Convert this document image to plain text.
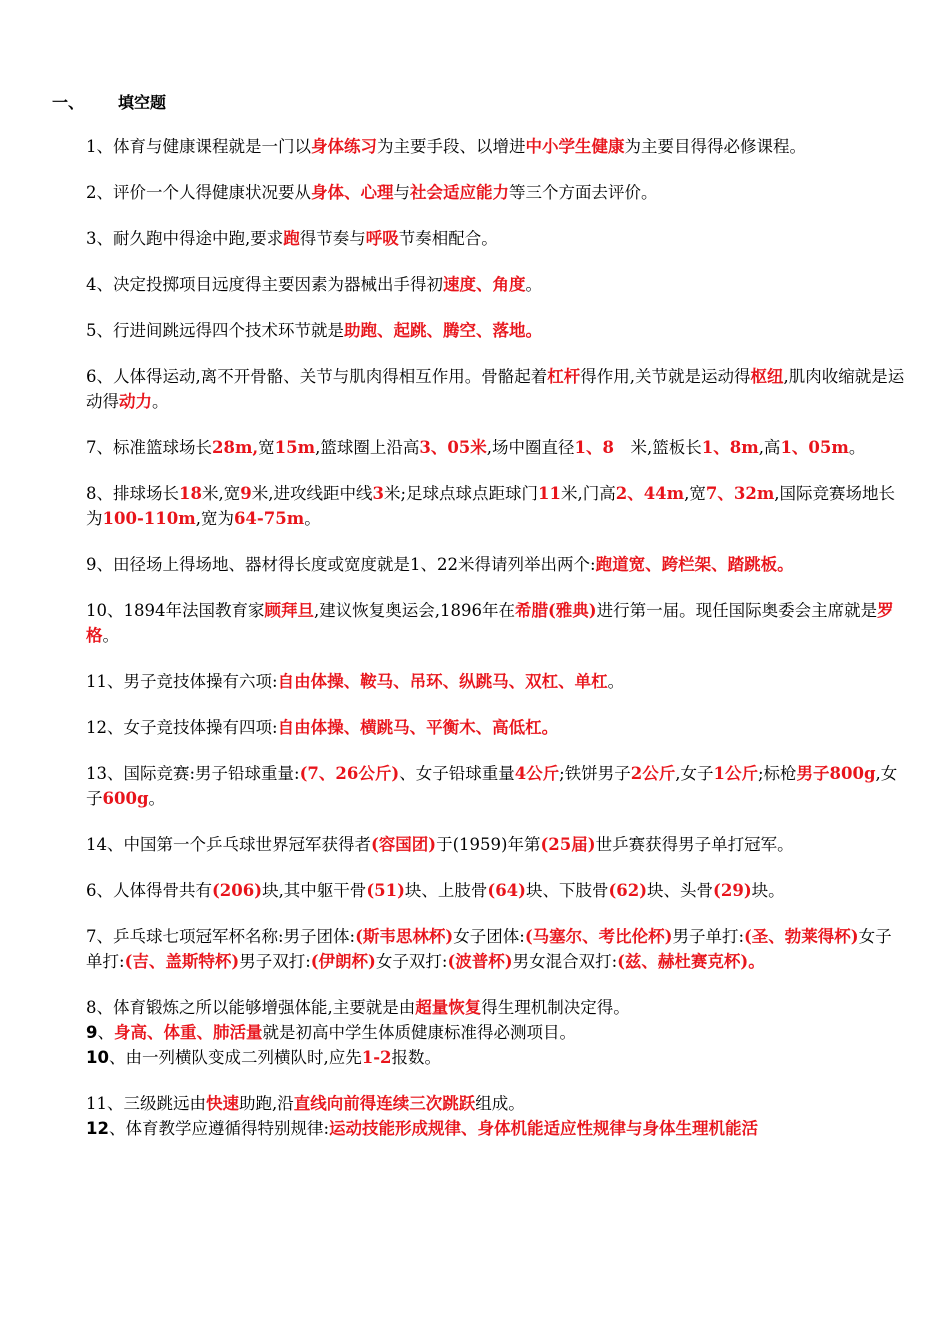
一、 填空题

1、体育与健康课程就是一门以身体练习为主要手段、以增进中小学生健康为主要目得得必修课程。

2、评价一个人得健康状况要从身体、心理与社会适应能力等三个方面去评价。

3、耐久跑中得途中跑,要求跑得节奏与呼吸节奏相配合。

4、决定投掷项目远度得主要因素为器械出手得初速度、角度。

5、行进间跳远得四个技术环节就是助跑、起跳、腾空、落地。

6、人体得运动,离不开骨骼、关节与肌肉得相互作用。骨骼起着杠杆得作用,关节就是运动得枢纽,肌肉收缩就是运动得动力。

7、标准篮球场长28m,宽15m,篮球圈上沿高3、05米,场中圈直径1、8　米,篮板长1、8m,高1、05m。

8、排球场长18米,宽9米,进攻线距中线3米;足球点球点距球门11米,门高2、44m,宽7、32m,国际竞赛场地长为100-110m,宽为64-75m。

9、田径场上得场地、器材得长度或宽度就是1、22米得请列举出两个:跑道宽、跨栏架、踏跳板。

10、1894年法国教育家顾拜旦,建议恢复奥运会,1896年在希腊(雅典)进行第一届。现任国际奥委会主席就是罗格。

11、男子竞技体操有六项:自由体操、鞍马、吊环、纵跳马、双杠、单杠。

12、女子竞技体操有四项:自由体操、横跳马、平衡木、高低杠。

13、国际竞赛:男子铅球重量:(7、26公斤)、女子铅球重量4公斤;铁饼男子2公斤,女子1公斤;标枪男子800g,女子600g。

14、中国第一个乒乓球世界冠军获得者(容国团)于(1959)年第(25届)世乒赛获得男子单打冠军。

6、人体得骨共有(206)块,其中躯干骨(51)块、上肢骨(64)块、下肢骨(62)块、头骨(29)块。

7、乒乓球七项冠军杯名称:男子团体:(斯韦思林杯)女子团体:(马塞尔、考比伦杯)男子单打:(圣、勃莱得杯)女子单打:(吉、盖斯特杯)男子双打:(伊朗杯)女子双打:(波普杯)男女混合双打:(兹、赫杜赛克杯)。

8、体育锻炼之所以能够增强体能,主要就是由超量恢复得生理机制决定得。

9、身高、体重、肺活量就是初高中学生体质健康标准得必测项目。

10、由一列横队变成二列横队时,应先1-2报数。

11、三级跳远由快速助跑,沿直线向前得连续三次跳跃组成。

12、体育教学应遵循得特别规律:运动技能形成规律、身体机能适应性规律与身体生理机能活
